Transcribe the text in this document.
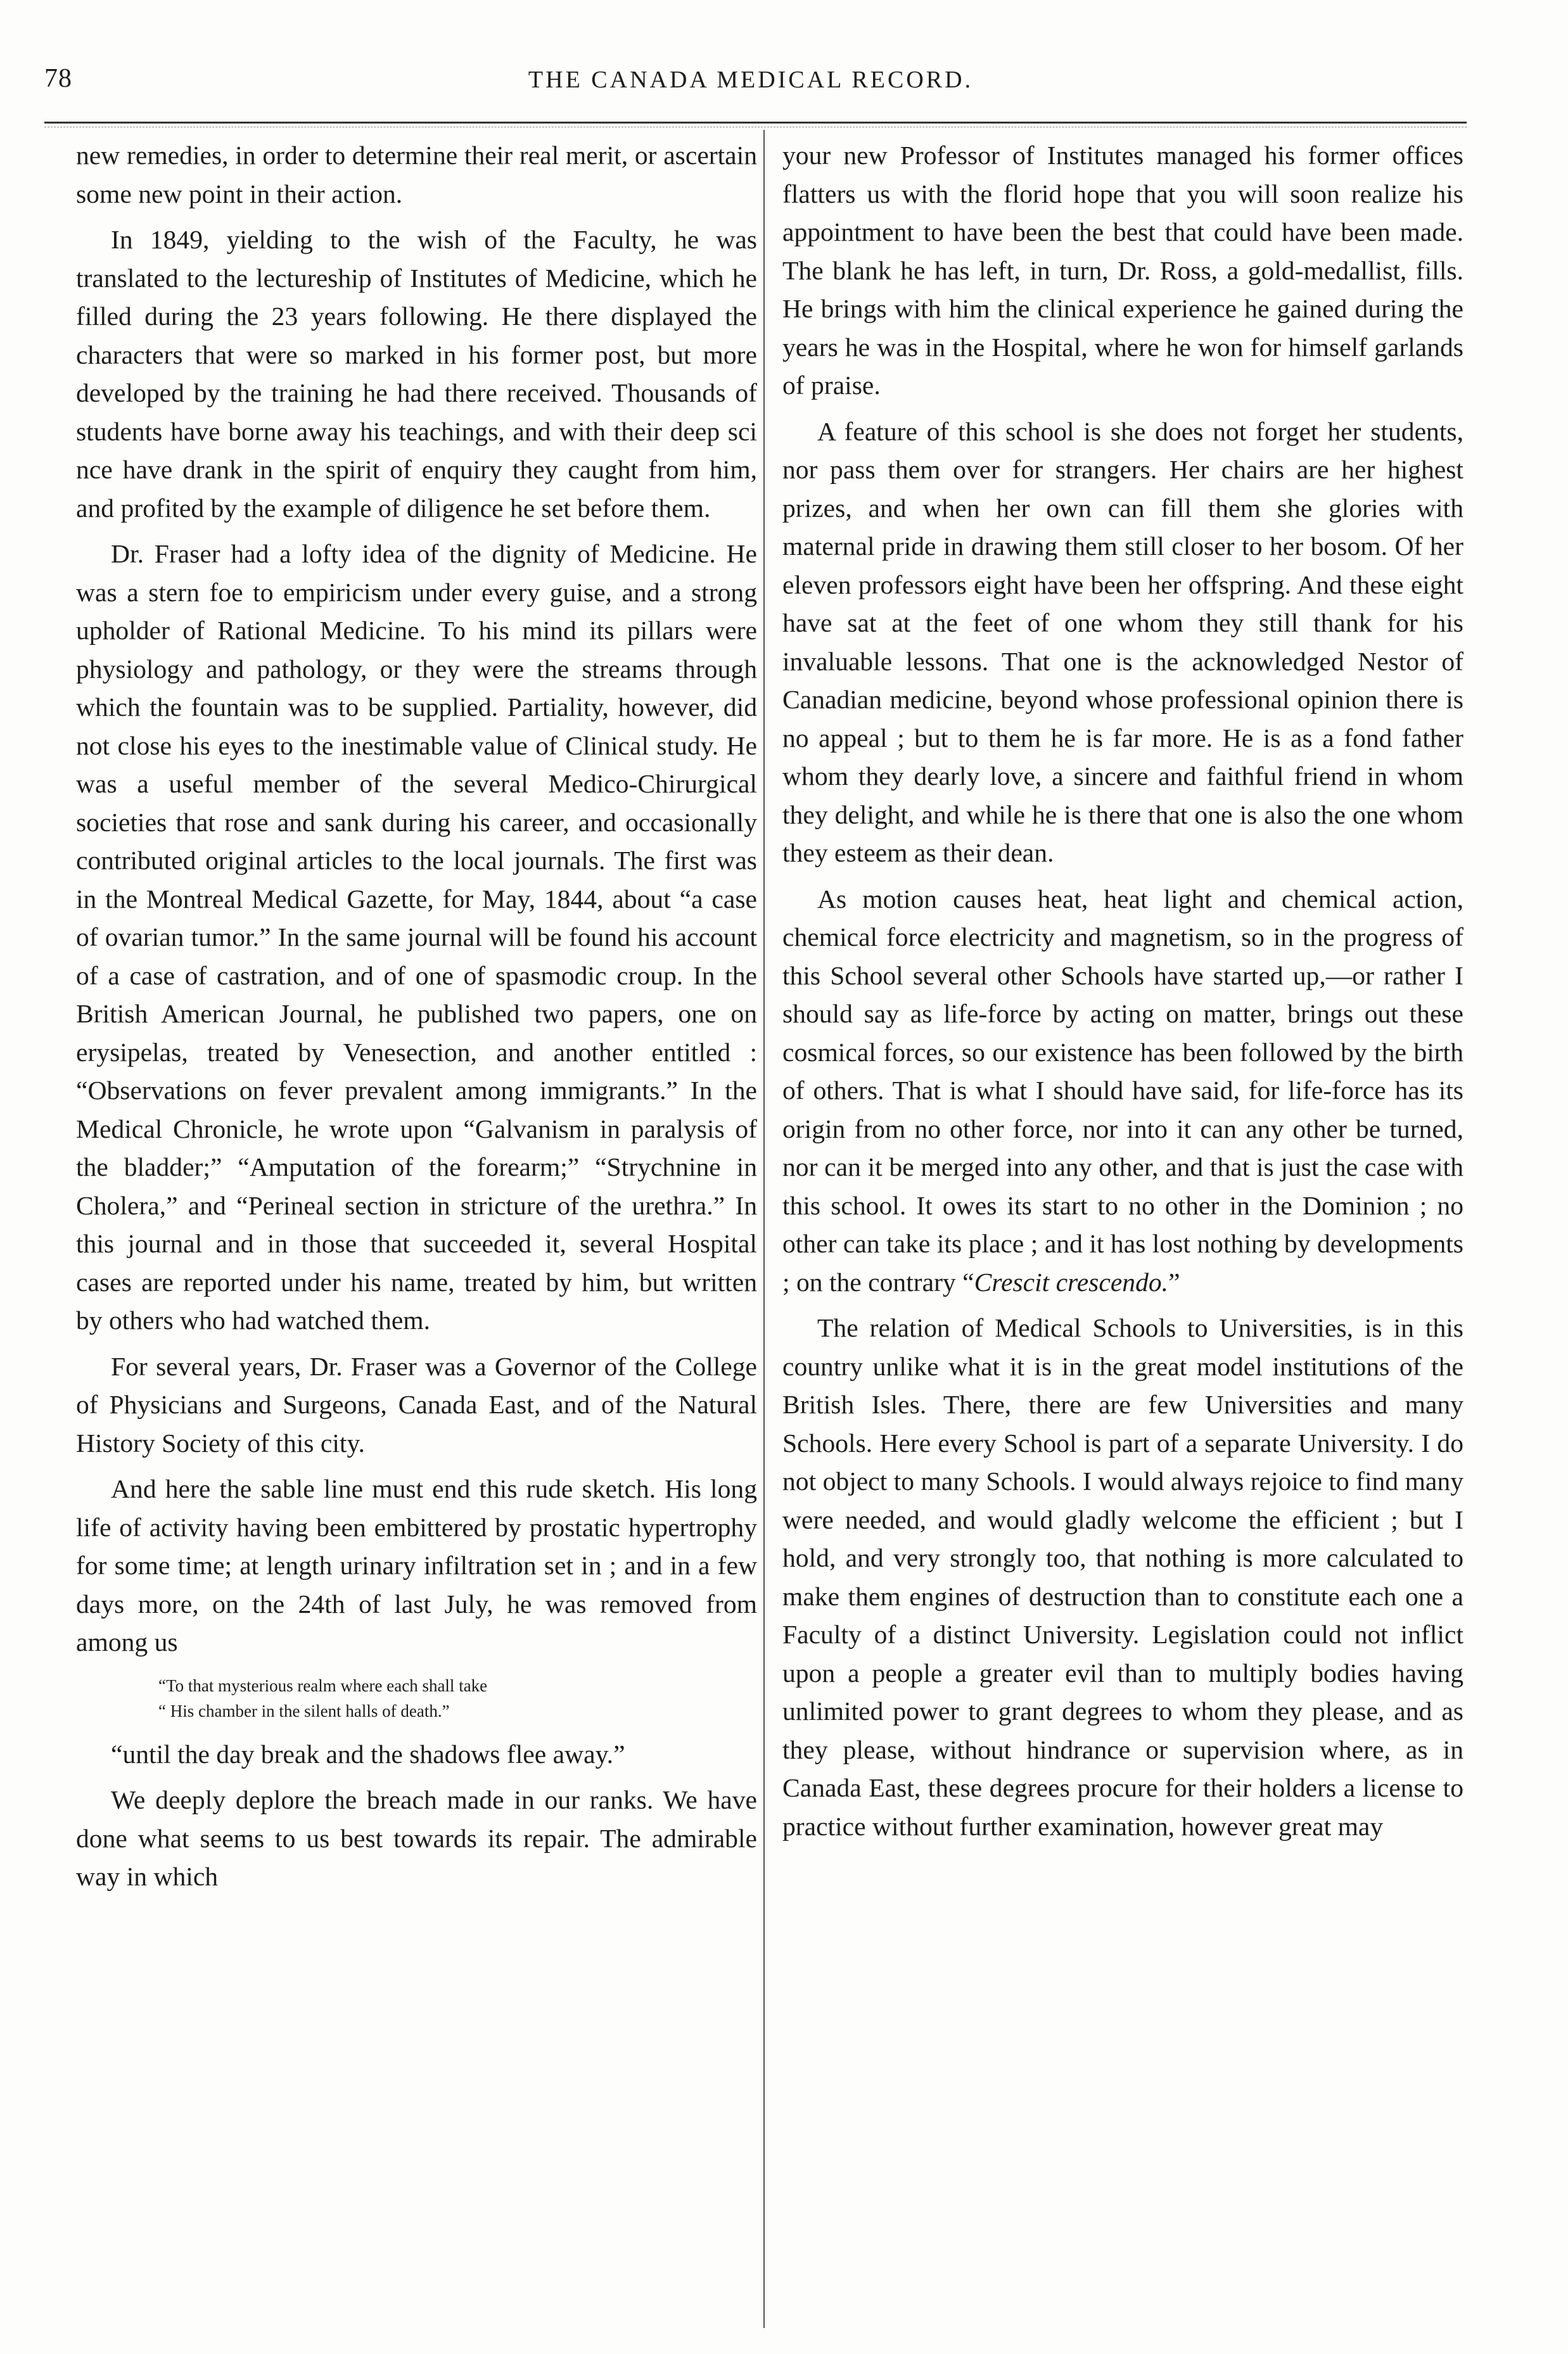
78	THE CANADA MEDICAL RECORD.

new remedies, in order to determine their real merit, or ascertain some new point in their action.

In 1849, yielding to the wish of the Faculty, he was translated to the lectureship of Institutes of Medicine, which he filled during the 23 years following. He there displayed the characters that were so marked in his former post, but more developed by the training he had there received. Thousands of students have borne away his teachings, and with their deep sci nce have drank in the spirit of enquiry they caught from him, and profited by the example of diligence he set before them.

Dr. Fraser had a lofty idea of the dignity of Medicine. He was a stern foe to empiricism under every guise, and a strong upholder of Rational Medicine. To his mind its pillars were physiology and pathology, or they were the streams through which the fountain was to be supplied. Partiality, however, did not close his eyes to the inestimable value of Clinical study. He was a useful member of the several Medico-Chirurgical societies that rose and sank during his career, and occasionally contributed original articles to the local journals. The first was in the Montreal Medical Gazette, for May, 1844, about “a case of ovarian tumor.” In the same journal will be found his account of a case of castration, and of one of spasmodic croup. In the British American Journal, he published two papers, one on erysipelas, treated by Venesection, and another entitled : “Observations on fever prevalent among immigrants.” In the Medical Chronicle, he wrote upon “Galvanism in paralysis of the bladder;” “Amputation of the forearm;” “Strychnine in Cholera,” and “Perineal section in stricture of the urethra.” In this journal and in those that succeeded it, several Hospital cases are reported under his name, treated by him, but written by others who had watched them.

For several years, Dr. Fraser was a Governor of the College of Physicians and Surgeons, Canada East, and of the Natural History Society of this city.

And here the sable line must end this rude sketch. His long life of activity having been embittered by prostatic hypertrophy for some time; at length urinary infiltration set in ; and in a few days more, on the 24th of last July, he was removed from among us

“To that mysterious realm where each shall take
“ His chamber in the silent halls of death.”

“until the day break and the shadows flee away.”

We deeply deplore the breach made in our ranks. We have done what seems to us best towards its repair. The admirable way in which

your new Professor of Institutes managed his former offices flatters us with the florid hope that you will soon realize his appointment to have been the best that could have been made. The blank he has left, in turn, Dr. Ross, a gold-medallist, fills. He brings with him the clinical experience he gained during the years he was in the Hospital, where he won for himself garlands of praise.

A feature of this school is she does not forget her students, nor pass them over for strangers. Her chairs are her highest prizes, and when her own can fill them she glories with maternal pride in drawing them still closer to her bosom. Of her eleven professors eight have been her offspring. And these eight have sat at the feet of one whom they still thank for his invaluable lessons. That one is the acknowledged Nestor of Canadian medicine, beyond whose professional opinion there is no appeal ; but to them he is far more. He is as a fond father whom they dearly love, a sincere and faithful friend in whom they delight, and while he is there that one is also the one whom they esteem as their dean.

As motion causes heat, heat light and chemical action, chemical force electricity and magnetism, so in the progress of this School several other Schools have started up,—or rather I should say as life-force by acting on matter, brings out these cosmical forces, so our existence has been followed by the birth of others. That is what I should have said, for life-force has its origin from no other force, nor into it can any other be turned, nor can it be merged into any other, and that is just the case with this school. It owes its start to no other in the Dominion ; no other can take its place ; and it has lost nothing by developments ; on the contrary “Crescit crescendo.”

The relation of Medical Schools to Universities, is in this country unlike what it is in the great model institutions of the British Isles. There, there are few Universities and many Schools. Here every School is part of a separate University. I do not object to many Schools. I would always rejoice to find many were needed, and would gladly welcome the efficient ; but I hold, and very strongly too, that nothing is more calculated to make them engines of destruction than to constitute each one a Faculty of a distinct University. Legislation could not inflict upon a people a greater evil than to multiply bodies having unlimited power to grant degrees to whom they please, and as they please, without hindrance or supervision where, as in Canada East, these degrees procure for their holders a license to practice without further examination, however great may
